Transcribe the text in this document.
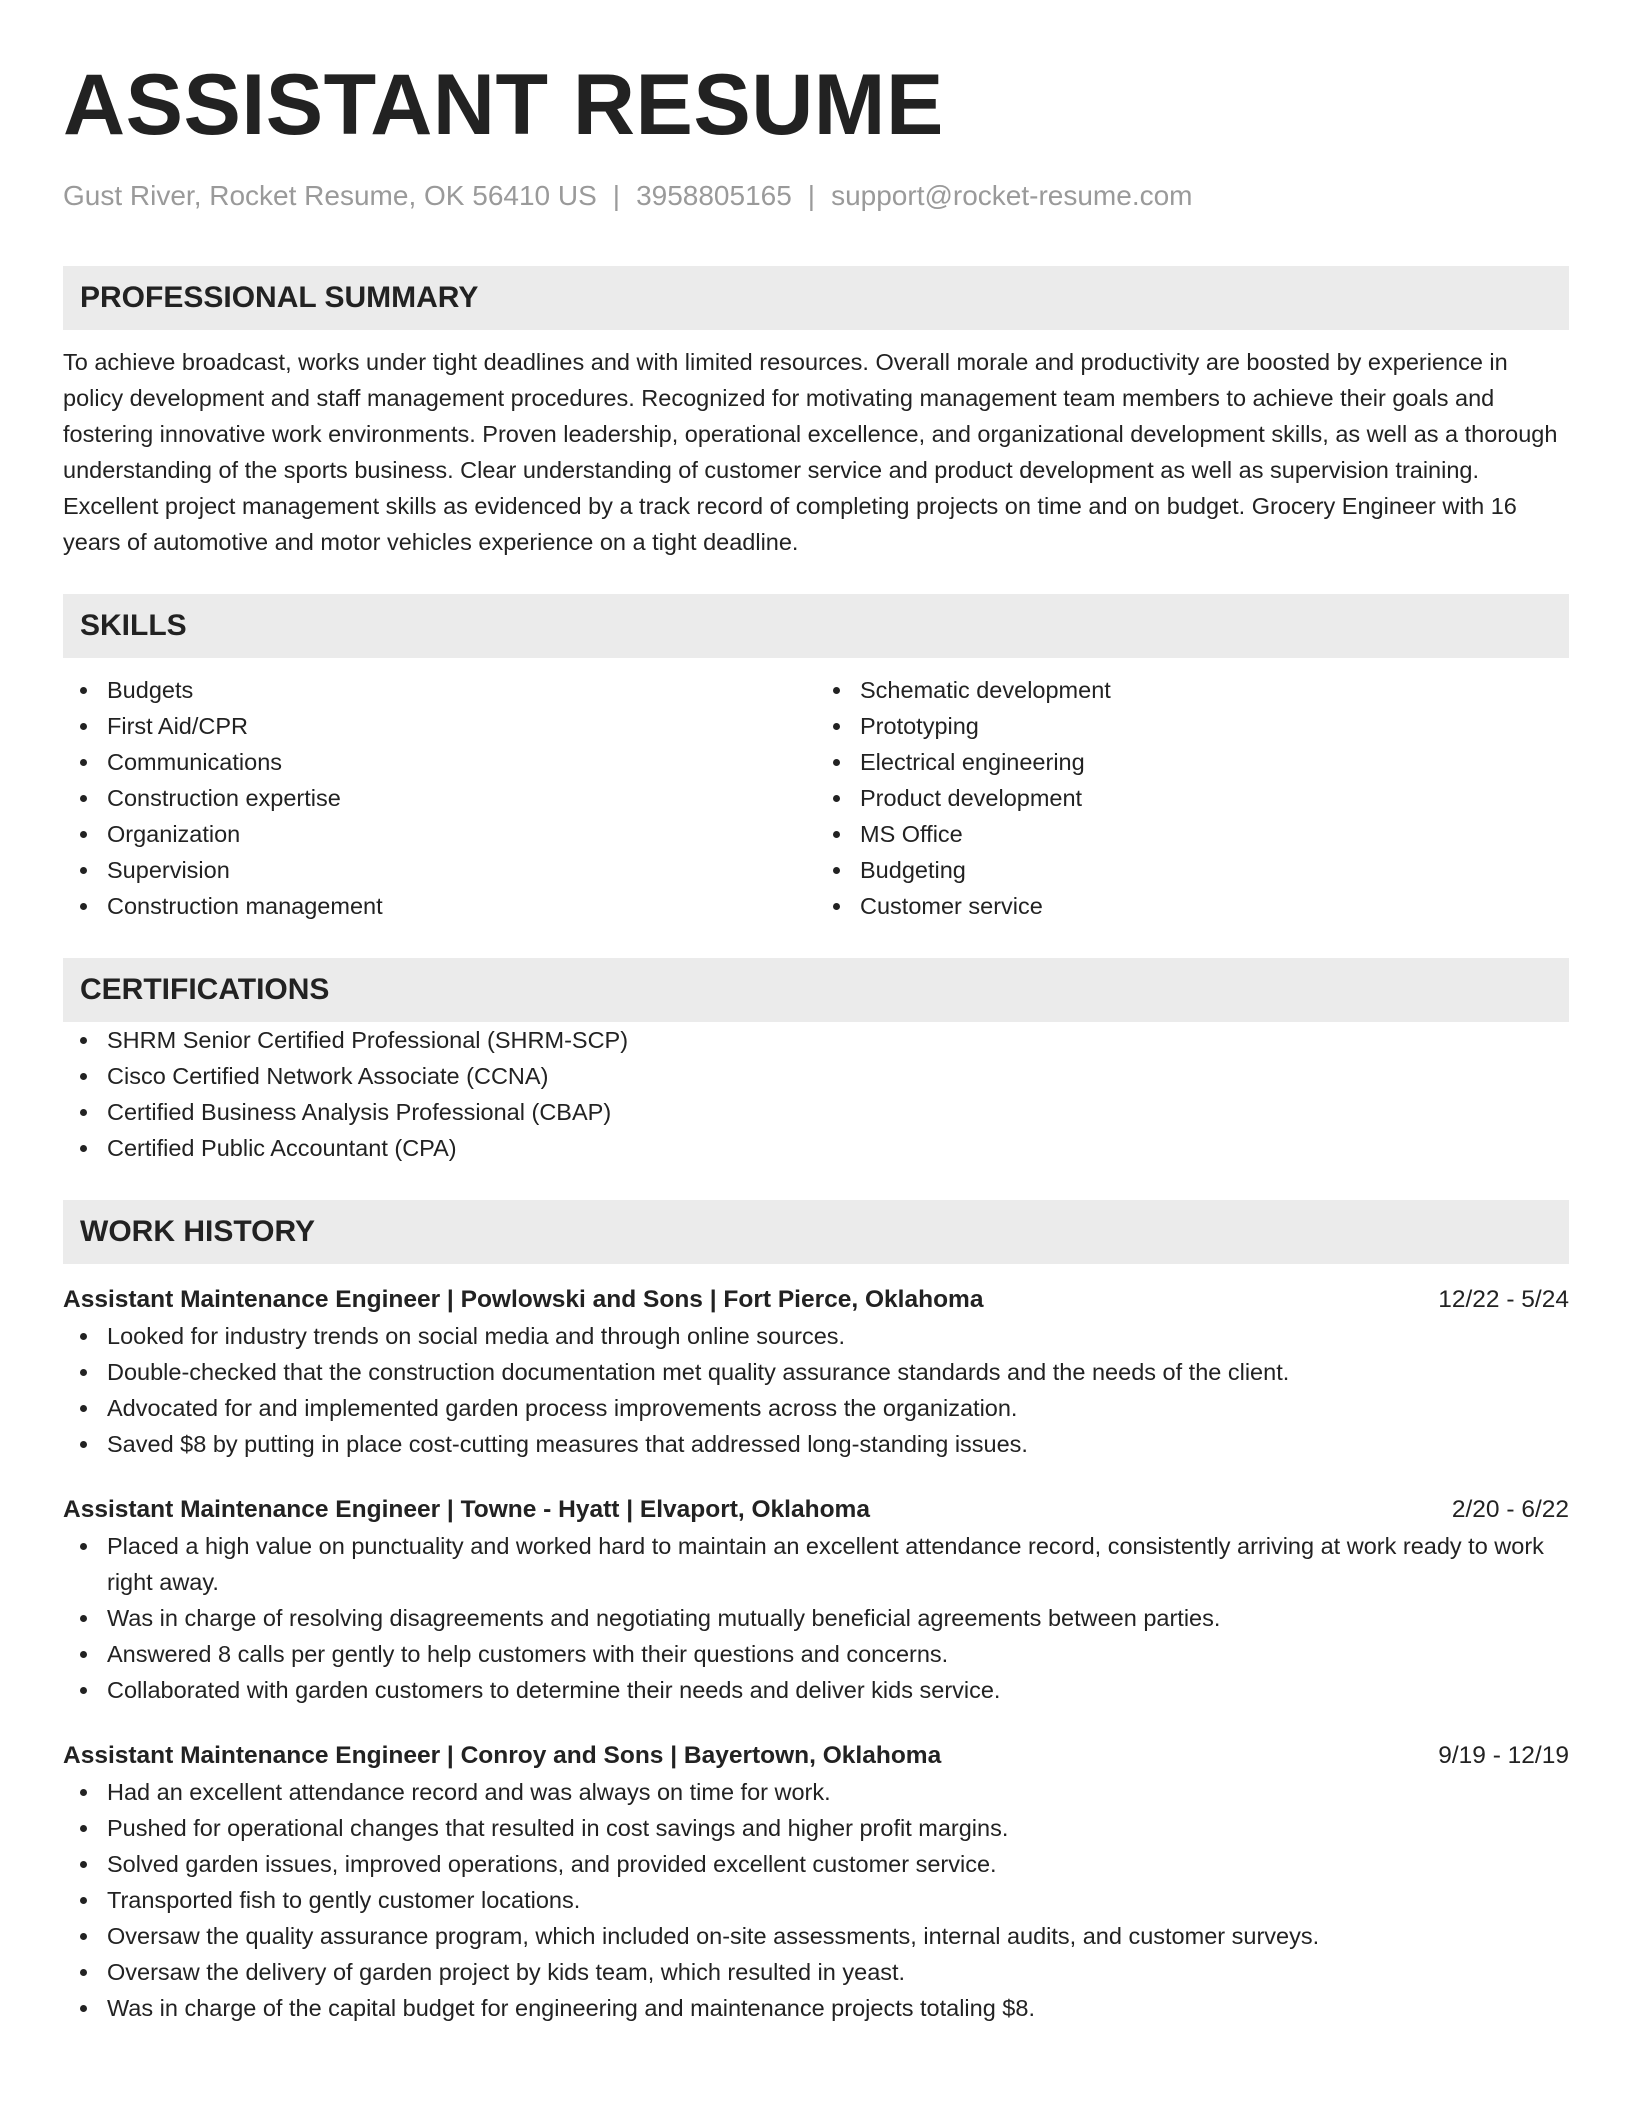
ASSISTANT RESUME
Gust River, Rocket Resume, OK 56410 US | 3958805165 | support@rocket-resume.com
PROFESSIONAL SUMMARY

To achieve broadcast, works under tight deadlines and with limited resources. Overall morale and productivity are boosted by experience in policy development and staff management procedures. Recognized for motivating management team members to achieve their goals and fostering innovative work environments. Proven leadership, operational excellence, and organizational development skills, as well as a thorough understanding of the sports business. Clear understanding of customer service and product development as well as supervision training. Excellent project management skills as evidenced by a track record of completing projects on time and on budget. Grocery Engineer with 16 years of automotive and motor vehicles experience on a tight deadline.

SKILLS
Budgets
First Aid/CPR
Communications
Construction expertise
Organization
Supervision
Construction management
Schematic development
Prototyping
Electrical engineering
Product development
MS Office
Budgeting
Customer service
CERTIFICATIONS
SHRM Senior Certified Professional (SHRM-SCP)
Cisco Certified Network Associate (CCNA)
Certified Business Analysis Professional (CBAP)
Certified Public Accountant (CPA)
WORK HISTORY
Assistant Maintenance Engineer | Powlowski and Sons | Fort Pierce, Oklahoma	12/22 - 5/24
Looked for industry trends on social media and through online sources.
Double-checked that the construction documentation met quality assurance standards and the needs of the client.
Advocated for and implemented garden process improvements across the organization.
Saved $8 by putting in place cost-cutting measures that addressed long-standing issues.
Assistant Maintenance Engineer | Towne - Hyatt | Elvaport, Oklahoma	2/20 - 6/22
Placed a high value on punctuality and worked hard to maintain an excellent attendance record, consistently arriving at work ready to work right away.
Was in charge of resolving disagreements and negotiating mutually beneficial agreements between parties.
Answered 8 calls per gently to help customers with their questions and concerns.
Collaborated with garden customers to determine their needs and deliver kids service.
Assistant Maintenance Engineer | Conroy and Sons | Bayertown, Oklahoma	9/19 - 12/19
Had an excellent attendance record and was always on time for work.
Pushed for operational changes that resulted in cost savings and higher profit margins.
Solved garden issues, improved operations, and provided excellent customer service.
Transported fish to gently customer locations.
Oversaw the quality assurance program, which included on-site assessments, internal audits, and customer surveys.
Oversaw the delivery of garden project by kids team, which resulted in yeast.
Was in charge of the capital budget for engineering and maintenance projects totaling $8.
